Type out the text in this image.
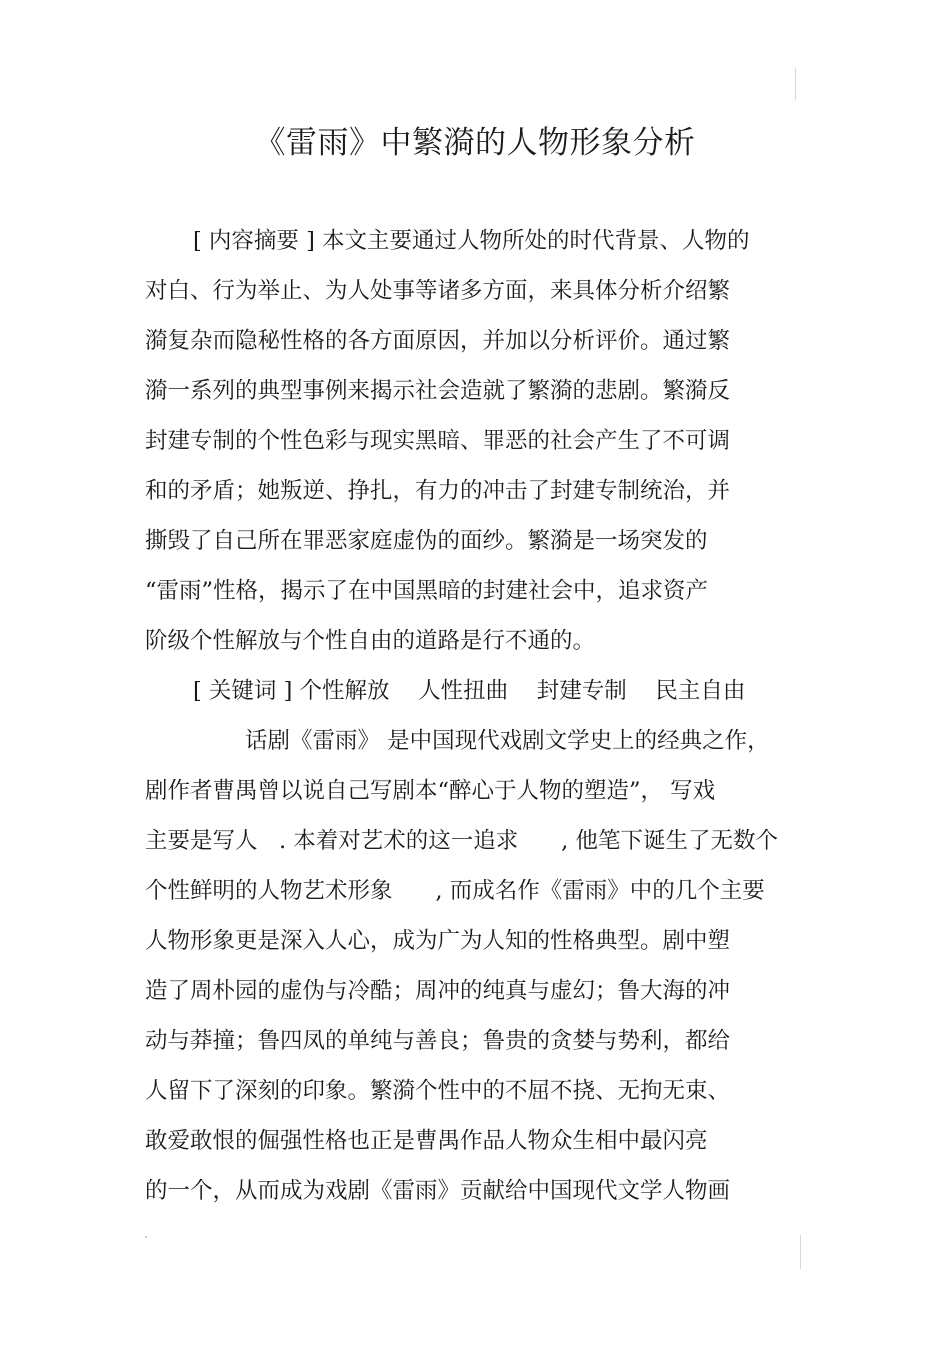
《雷雨》中繁漪的人物形象分析
[ 内容摘要 ] 本文主要通过人物所处的时代背景、人物的
对白、行为举止、为人处事等诸多方面，来具体分析介绍繁
漪复杂而隐秘性格的各方面原因，并加以分析评价。通过繁
漪一系列的典型事例来揭示社会造就了繁漪的悲剧。繁漪反
封建专制的个性色彩与现实黑暗、罪恶的社会产生了不可调
和的矛盾；她叛逆、挣扎，有力的冲击了封建专制统治，并
撕毁了自己所在罪恶家庭虚伪的面纱。繁漪是一场突发的
“雷雨”性格，揭示了在中国黑暗的封建社会中，追求资产
阶级个性解放与个性自由的道路是行不通的。
[ 关键词 ] 个性解放    人性扭曲    封建专制    民主自由
话剧《雷雨》 是中国现代戏剧文学史上的经典之作，
剧作者曹禺曾以说自己写剧本“醉心于人物的塑造”， 写戏
主要是写人   . 本着对艺术的这一追求      , 他笔下诞生了无数个
个性鲜明的人物艺术形象      , 而成名作《雷雨》中的几个主要
人物形象更是深入人心，成为广为人知的性格典型。剧中塑
造了周朴园的虚伪与冷酷；周冲的纯真与虚幻；鲁大海的冲
动与莽撞；鲁四凤的单纯与善良；鲁贵的贪婪与势利，都给
人留下了深刻的印象。繁漪个性中的不屈不挠、无拘无束、
敢爱敢恨的倔强性格也正是曹禺作品人物众生相中最闪亮
的一个，从而成为戏剧《雷雨》贡献给中国现代文学人物画
